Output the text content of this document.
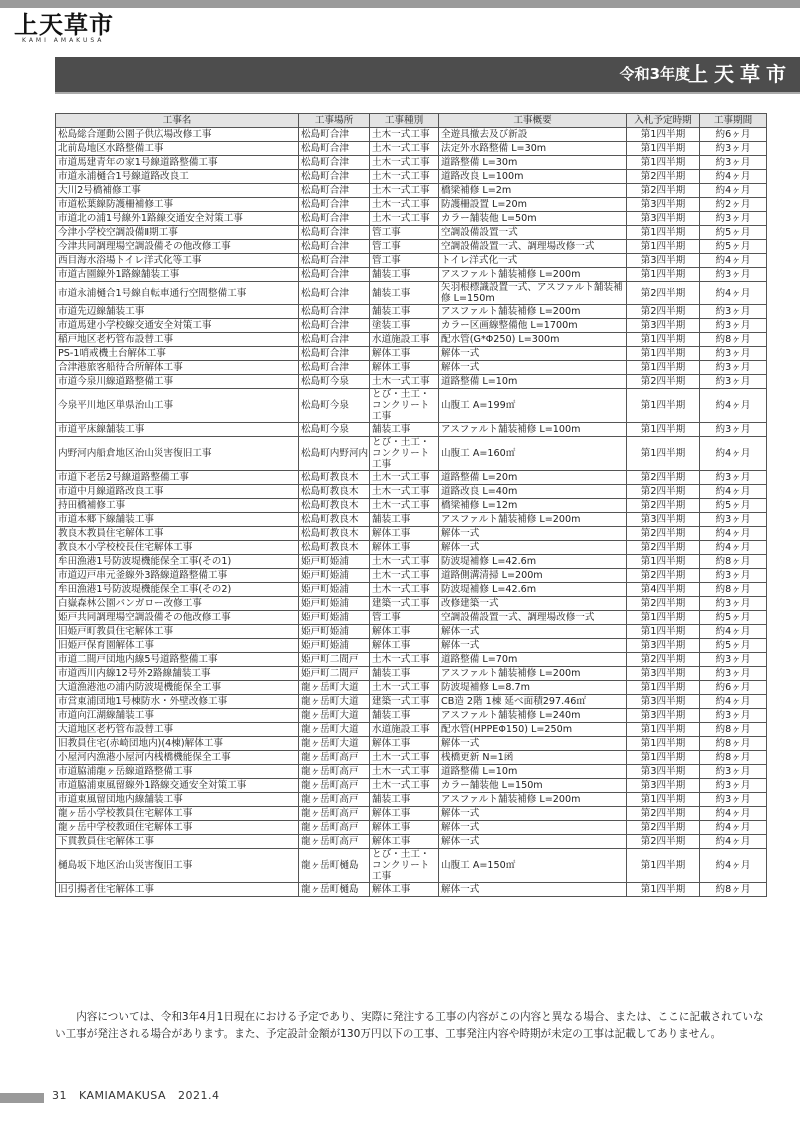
上天草市
KAMI AMAKUSA
令和3年度
上天草市
工事名	工事場所	工事種別	工事概要	入札予定時期	工事期間
松島総合運動公園子供広場改修工事	松島町合津	土木一式工事	全遊具撤去及び新設	第1四半期	約6ヶ月
北前島地区水路整備工事	松島町合津	土木一式工事	法定外水路整備 L=30m	第1四半期	約3ヶ月
市道馬建青年の家1号線道路整備工事	松島町合津	土木一式工事	道路整備 L=30m	第1四半期	約3ヶ月
市道永浦樋合1号線道路改良工	松島町合津	土木一式工事	道路改良 L=100m	第2四半期	約4ヶ月
大川2号橋補修工事	松島町合津	土木一式工事	橋梁補修 L=2m	第2四半期	約4ヶ月
市道松葉線防護柵補修工事	松島町合津	土木一式工事	防護柵設置 L=20m	第3四半期	約2ヶ月
市道北の浦1号線外1路線交通安全対策工事	松島町合津	土木一式工事	カラー舗装他 L=50m	第3四半期	約3ヶ月
今津小学校空調設備Ⅱ期工事	松島町合津	管工事	空調設備設置一式	第1四半期	約5ヶ月
今津共同調理場空調設備その他改修工事	松島町合津	管工事	空調設備設置一式、調理場改修一式	第1四半期	約5ヶ月
西目海水浴場トイレ洋式化等工事	松島町合津	管工事	トイレ洋式化一式	第3四半期	約4ヶ月
市道古園線外1路線舗装工事	松島町合津	舗装工事	アスファルト舗装補修 L=200m	第1四半期	約3ヶ月
市道永浦樋合1号線自転車通行空間整備工事	松島町合津	舗装工事	矢羽根標識設置一式、アスファルト舗装補修 L=150m	第2四半期	約4ヶ月
市道先辺線舗装工事	松島町合津	舗装工事	アスファルト舗装補修 L=200m	第2四半期	約3ヶ月
市道馬建小学校線交通安全対策工事	松島町合津	塗装工事	カラー区画線整備他 L=1700m	第3四半期	約3ヶ月
稲戸地区老朽管布設替工事	松島町合津	水道施設工事	配水管(G*Φ250) L=300m	第1四半期	約8ヶ月
PS-1哨戒機土台解体工事	松島町合津	解体工事	解体一式	第1四半期	約3ヶ月
合津港旅客船待合所解体工事	松島町合津	解体工事	解体一式	第1四半期	約3ヶ月
市道今泉川線道路整備工事	松島町今泉	土木一式工事	道路整備 L=10m	第2四半期	約3ヶ月
今泉平川地区単県治山工事	松島町今泉	とび・土工・コンクリート工事	山腹工 A=199㎡	第1四半期	約4ヶ月
市道平床線舗装工事	松島町今泉	舗装工事	アスファルト舗装補修 L=100m	第1四半期	約3ヶ月
内野河内船倉地区治山災害復旧工事	松島町内野河内	とび・土工・コンクリート工事	山腹工 A=160㎡	第1四半期	約4ヶ月
市道下老岳2号線道路整備工事	松島町教良木	土木一式工事	道路整備 L=20m	第2四半期	約3ヶ月
市道中月線道路改良工事	松島町教良木	土木一式工事	道路改良 L=40m	第2四半期	約4ヶ月
持田橋補修工事	松島町教良木	土木一式工事	橋梁補修 L=12m	第2四半期	約5ヶ月
市道本郷下線舗装工事	松島町教良木	舗装工事	アスファルト舗装補修 L=200m	第3四半期	約3ヶ月
教良木教員住宅解体工事	松島町教良木	解体工事	解体一式	第2四半期	約4ヶ月
教良木小学校校長住宅解体工事	松島町教良木	解体工事	解体一式	第2四半期	約4ヶ月
牟田漁港1号防波堤機能保全工事(その1)	姫戸町姫浦	土木一式工事	防波堤補修 L=42.6m	第1四半期	約8ヶ月
市道辺戸串元釜線外3路線道路整備工事	姫戸町姫浦	土木一式工事	道路側溝清掃 L=200m	第2四半期	約3ヶ月
牟田漁港1号防波堤機能保全工事(その2)	姫戸町姫浦	土木一式工事	防波堤補修 L=42.6m	第4四半期	約8ヶ月
白嶽森林公園バンガロー改修工事	姫戸町姫浦	建築一式工事	改修建築一式	第2四半期	約3ヶ月
姫戸共同調理場空調設備その他改修工事	姫戸町姫浦	管工事	空調設備設置一式、調理場改修一式	第1四半期	約5ヶ月
旧姫戸町教員住宅解体工事	姫戸町姫浦	解体工事	解体一式	第1四半期	約4ヶ月
旧姫戸保育園解体工事	姫戸町姫浦	解体工事	解体一式	第3四半期	約5ヶ月
市道二間戸団地内線5号道路整備工事	姫戸町二間戸	土木一式工事	道路整備 L=70m	第2四半期	約3ヶ月
市道西川内線12号外2路線舗装工事	姫戸町二間戸	舗装工事	アスファルト舗装補修 L=200m	第3四半期	約3ヶ月
大道漁港池の浦内防波堤機能保全工事	龍ヶ岳町大道	土木一式工事	防波堤補修 L=8.7m	第1四半期	約6ヶ月
市営東浦団地1号棟防水・外壁改修工事	龍ヶ岳町大道	建築一式工事	CB造 2階 1棟 延べ面積297.46㎡	第3四半期	約4ヶ月
市道向江湖線舗装工事	龍ヶ岳町大道	舗装工事	アスファルト舗装補修 L=240m	第3四半期	約3ヶ月
大道地区老朽管布設替工事	龍ヶ岳町大道	水道施設工事	配水管(HPPEΦ150) L=250m	第1四半期	約8ヶ月
旧教員住宅(赤崎団地内)(4棟)解体工事	龍ヶ岳町大道	解体工事	解体一式	第1四半期	約8ヶ月
小屋河内漁港小屋河内桟橋機能保全工事	龍ヶ岳町高戸	土木一式工事	桟橋更新 N=1函	第1四半期	約8ヶ月
市道脇浦龍ヶ岳線道路整備工事	龍ヶ岳町高戸	土木一式工事	道路整備 L=10m	第3四半期	約3ヶ月
市道脇浦東風留線外1路線交通安全対策工事	龍ヶ岳町高戸	土木一式工事	カラー舗装他 L=150m	第3四半期	約3ヶ月
市道東風留団地内線舗装工事	龍ヶ岳町高戸	舗装工事	アスファルト舗装補修 L=200m	第1四半期	約3ヶ月
龍ヶ岳小学校教員住宅解体工事	龍ヶ岳町高戸	解体工事	解体一式	第2四半期	約4ヶ月
龍ヶ岳中学校教頭住宅解体工事	龍ヶ岳町高戸	解体工事	解体一式	第2四半期	約4ヶ月
下貫教員住宅解体工事	龍ヶ岳町高戸	解体工事	解体一式	第2四半期	約4ヶ月
樋島坂下地区治山災害復旧工事	龍ヶ岳町樋島	とび・土工・コンクリート工事	山腹工 A=150㎡	第1四半期	約4ヶ月
旧引揚者住宅解体工事	龍ヶ岳町樋島	解体工事	解体一式	第1四半期	約8ヶ月
内容については、令和3年4月1日現在における予定であり、実際に発注する工事の内容がこの内容と異なる場合、または、ここに記載されていない工事が発注される場合があります。また、予定設計金額が130万円以下の工事、工事発注内容や時期が未定の工事は記載してありません。
31 KAMIAMAKUSA 2021.4
